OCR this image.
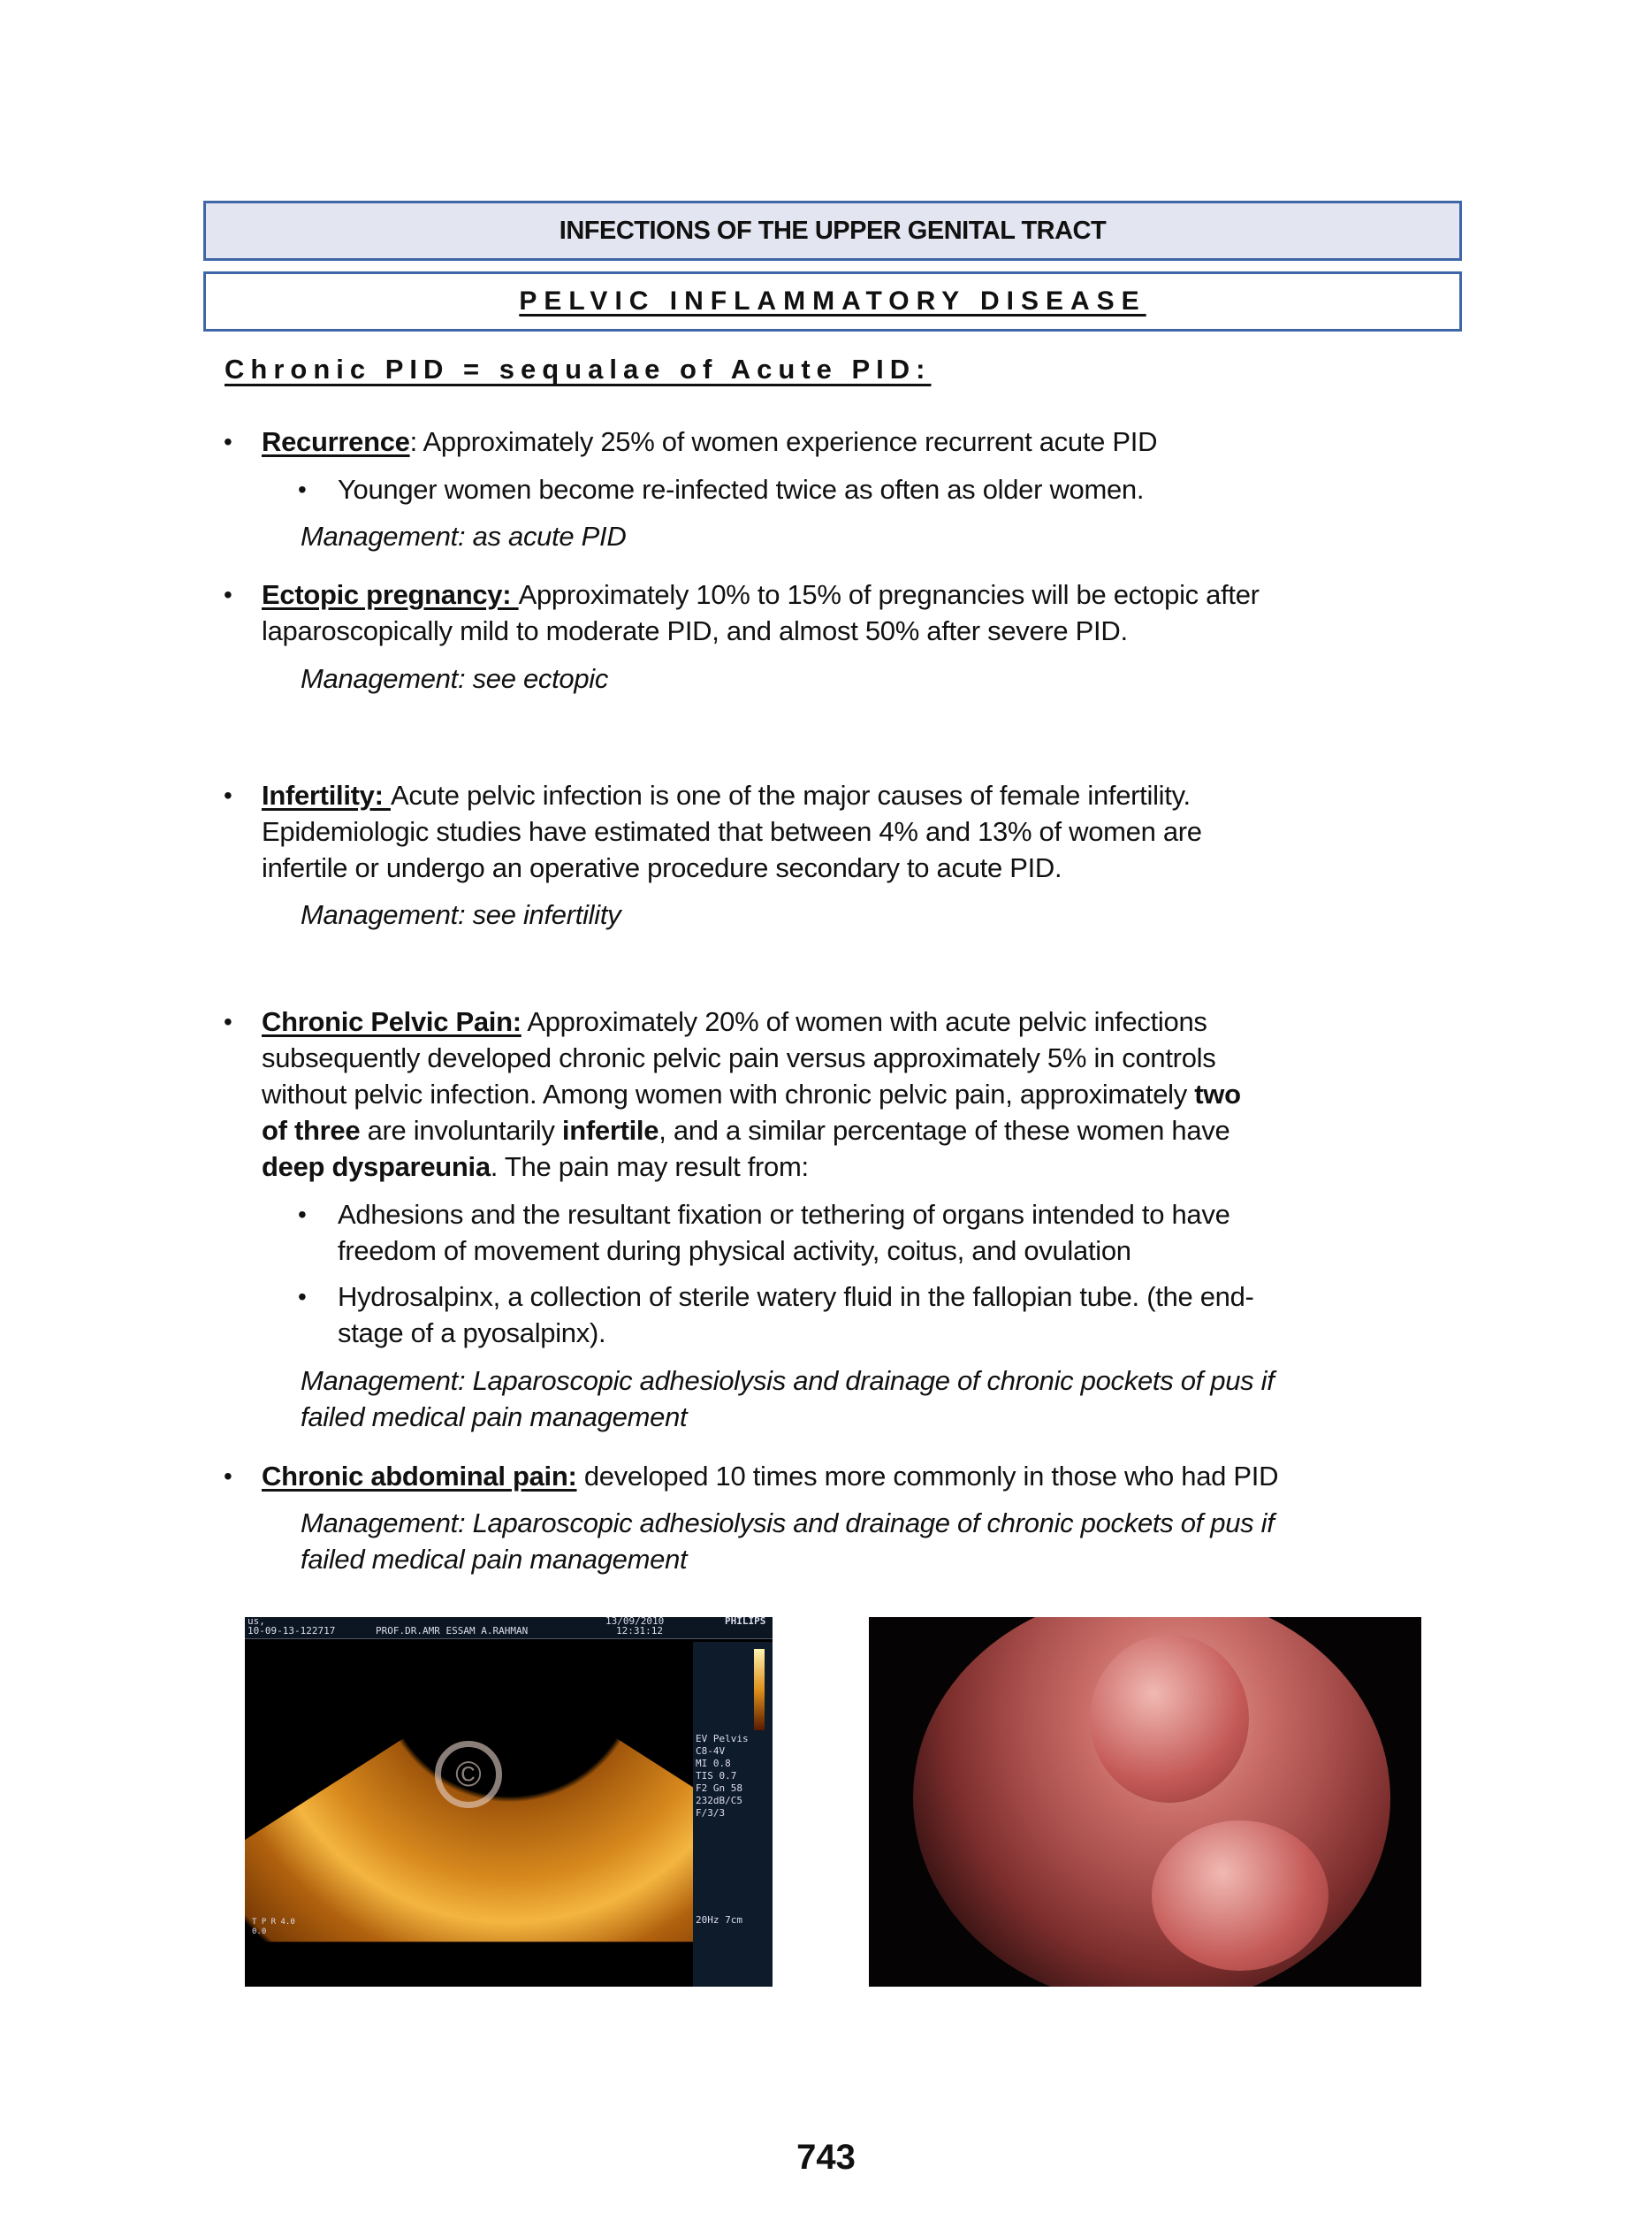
INFECTIONS OF THE UPPER GENITAL TRACT
PELVIC INFLAMMATORY DISEASE
Chronic PID = sequalae of Acute PID:
• Recurrence: Approximately 25% of women experience recurrent acute PID
• Younger women become re-infected twice as often as older women.
Management: as acute PID
• Ectopic pregnancy: Approximately 10% to 15% of pregnancies will be ectopic after
laparoscopically mild to moderate PID, and almost 50% after severe PID.
Management: see ectopic
• Infertility: Acute pelvic infection is one of the major causes of female infertility.
Epidemiologic studies have estimated that between 4% and 13% of women are
infertile or undergo an operative procedure secondary to acute PID.
Management: see infertility
• Chronic Pelvic Pain: Approximately 20% of women with acute pelvic infections
subsequently developed chronic pelvic pain versus approximately 5% in controls
without pelvic infection. Among women with chronic pelvic pain, approximately two
of three are involuntarily infertile, and a similar percentage of these women have
deep dyspareunia. The pain may result from:
• Adhesions and the resultant fixation or tethering of organs intended to have
freedom of movement during physical activity, coitus, and ovulation
• Hydrosalpinx, a collection of sterile watery fluid in the fallopian tube. (the end-
stage of a pyosalpinx).
Management: Laparoscopic adhesiolysis and drainage of chronic pockets of pus if
failed medical pain management
• Chronic abdominal pain: developed 10 times more commonly in those who had PID
Management: Laparoscopic adhesiolysis and drainage of chronic pockets of pus if
failed medical pain management
©
us,
10-09-13-122717	PROF.DR.AMR ESSAM A.RAHMAN
13/09/2010
12:31:12
PHILIPS
EV Pelvis
C8-4V
MI 0.8
TIS 0.7
F2 Gn 58
232dB/C5
F/3/3
20Hz 7cm
T P R 4.0 0.0
743
